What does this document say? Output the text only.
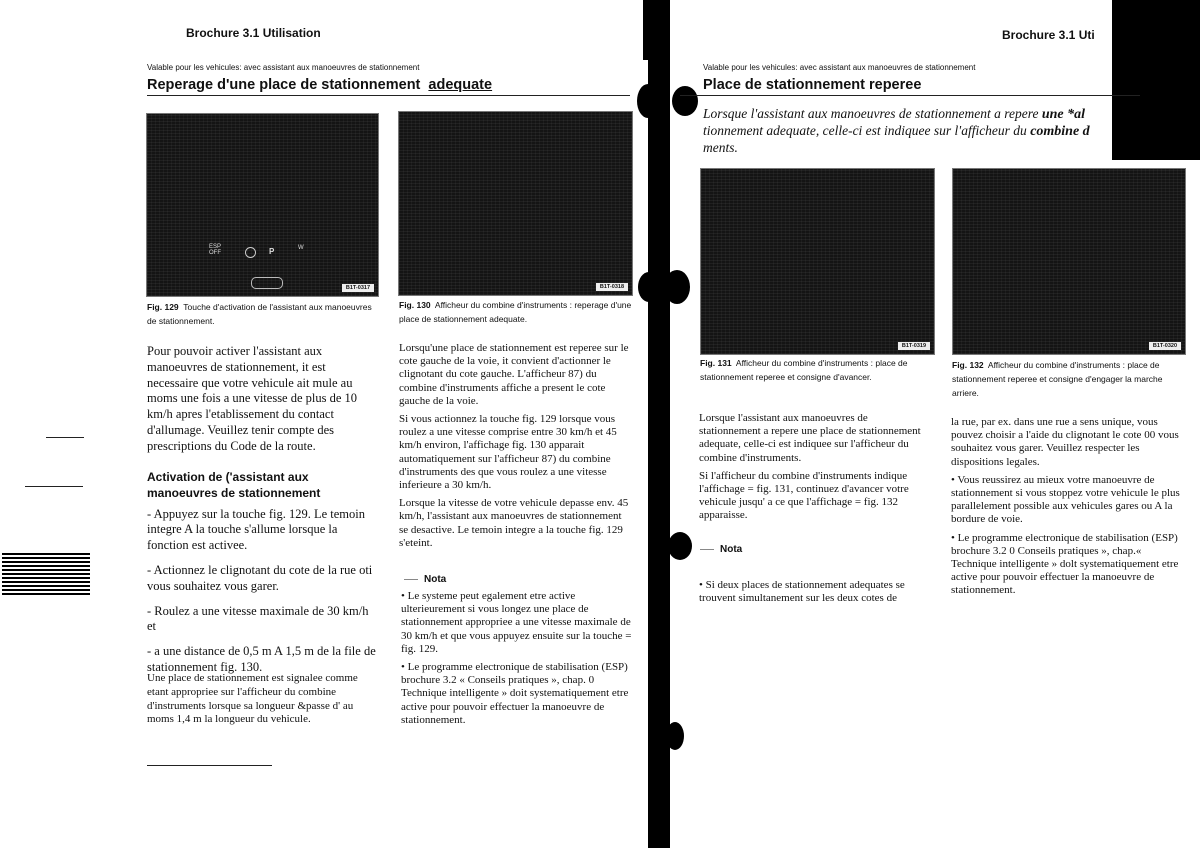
Brochure 3.1 Utilisation
Valable pour les vehicules: avec assistant aux manoeuvres de stationnement
Reperage d'une place de stationnement adequate
ESP
OFF	P	W
B1T-0317	B1T-0318
Fig. 129 Touche d'activation de l'assistant aux manoeuvres de stationnement.
Fig. 130 Afficheur du combine d'instruments : reperage d'une place de stationnement adequate.

Pour pouvoir activer l'assistant aux manoeuvres de stationnement, it est necessaire que votre vehicule ait mule au moms une fois a une vitesse de plus de 10 km/h apres l'etablissement du contact d'allumage. Veuillez tenir compte des prescriptions du Code de la route.

Activation de ('assistant aux manoeuvres de stationnement

- Appuyez sur la touche fig. 129. Le temoin integre A la touche s'allume lorsque la fonction est activee.

- Actionnez le clignotant du cote de la rue oti vous souhaitez vous garer.

- Roulez a une vitesse maximale de 30 km/h et

- a une distance de 0,5 m A 1,5 m de la file de stationnement fig. 130.

Une place de stationnement est signalee comme etant appropriee sur l'afficheur du combine d'instruments lorsque sa longueur &passe d' au moms 1,4 m la longueur du vehicule.

Lorsqu'une place de stationnement est reperee sur le cote gauche de la voie, it convient d'actionner le clignotant du cote gauche. L'afficheur 87) du combine d'instruments affiche a present le cote gauche de la voie.

Si vous actionnez la touche fig. 129 lorsque vous roulez a une vitesse comprise entre 30 km/h et 45 km/h environ, l'affichage fig. 130 apparait automatiquement sur l'afficheur 87) du combine d'instruments des que vous roulez a une vitesse inferieure a 30 km/h.

Lorsque la vitesse de votre vehicule depasse env. 45 km/h, l'assistant aux manoeuvres de stationnement se desactive. Le temoin integre a la touche fig. 129 s'eteint.

Nota

• Le systeme peut egalement etre active ulterieurement si vous longez une place de stationnement appropriee a une vitesse maximale de 30 km/h et que vous appuyez ensuite sur la touche = fig. 129.

• Le programme electronique de stabilisation (ESP) brochure 3.2 « Conseils pratiques », chap. 0 Technique intelligente » doit systematiquement etre active pour pouvoir effectuer la manoeuvre de stationnement.

Brochure 3.1 Uti
Valable pour les vehicules: avec assistant aux manoeuvres de stationnement
Place de stationnement reperee
Lorsque l'assistant aux manoeuvres de stationnement a repere une *al
tionnement adequate, celle-ci est indiquee sur l'afficheur du combine d
ments.
B1T-0319	B1T-0320
Fig. 131 Afficheur du combine d'instruments : place de stationnement reperee et consigne d'avancer.
Fig. 132 Afficheur du combine d'instruments : place de stationnement reperee et consigne d'engager la marche arriere.

Lorsque l'assistant aux manoeuvres de stationnement a repere une place de stationnement adequate, celle-ci est indiquee sur l'afficheur du combine d'instruments.

Si l'afficheur du combine d'instruments indique l'affichage = fig. 131, continuez d'avancer votre vehicule jusqu' a ce que l'affichage = fig. 132 apparaisse.

Nota
• Si deux places de stationnement adequates se trouvent simultanement sur les deux cotes de

la rue, par ex. dans une rue a sens unique, vous pouvez choisir a l'aide du clignotant le cote 00 vous souhaitez vous garer. Veuillez respecter les dispositions legales.

• Vous reussirez au mieux votre manoeuvre de stationnement si vous stoppez votre vehicule le plus parallelement possible aux vehicules gares ou A la bordure de voie.

• Le programme electronique de stabilisation (ESP) brochure 3.2 0 Conseils pratiques », chap.« Technique intelligente » dolt systematiquement etre active pour pouvoir effectuer la manoeuvre de stationnement.
